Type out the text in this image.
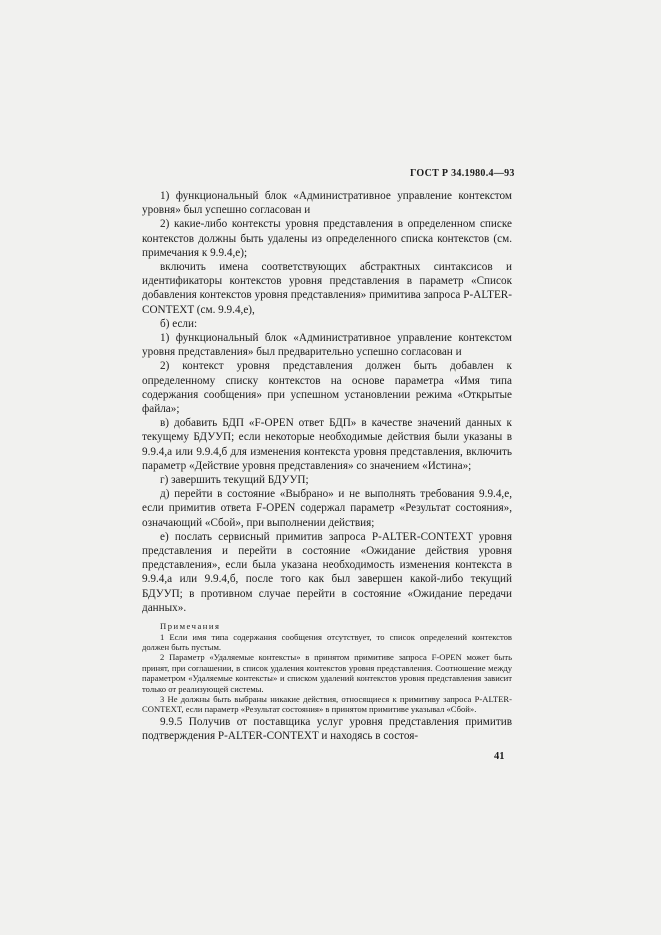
ГОСТ Р 34.1980.4—93

1) функциональный блок «Административное управление контекстом уровня» был успешно согласован и

2) какие-либо контексты уровня представления в определенном списке контекстов должны быть удалены из определенного списка контекстов (см. примечания к 9.9.4,е);

включить имена соответствующих абстрактных синтаксисов и идентификаторы контекстов уровня представления в параметр «Список добавления контекстов уровня представления» примитива запроса P-ALTER-CONTEXT (см. 9.9.4,е),

б) если:

1) функциональный блок «Административное управление контекстом уровня представления» был предварительно успешно согласован и

2) контекст уровня представления должен быть добавлен к определенному списку контекстов на основе параметра «Имя типа содержания сообщения» при успешном установлении режима «Открытые файла»;

в) добавить БДП «F-OPEN ответ БДП» в качестве значений данных к текущему БДУУП; если некоторые необходимые действия были указаны в 9.9.4,а или 9.9.4,б для изменения контекста уровня представления, включить параметр «Действие уровня представления» со значением «Истина»;

г) завершить текущий БДУУП;

д) перейти в состояние «Выбрано» и не выполнять требования 9.9.4,е, если примитив ответа F-OPEN содержал параметр «Результат состояния», означающий «Сбой», при выполнении действия;

е) послать сервисный примитив запроса P-ALTER-CONTEXT уровня представления и перейти в состояние «Ожидание действия уровня представления», если была указана необходимость изменения контекста в 9.9.4,а или 9.9.4,б, после того как был завершен какой-либо текущий БДУУП; в противном случае перейти в состояние «Ожидание передачи данных».

Примечания

1 Если имя типа содержания сообщения отсутствует, то список определений контекстов должен быть пустым.

2 Параметр «Удаляемые контексты» в принятом примитиве запроса F-OPEN может быть принят, при соглашении, в список удаления контекстов уровня представления. Соотношение между параметром «Удаляемые контексты» и списком удалений контекстов уровня представления зависит только от реализующей системы.

3 Не должны быть выбраны никакие действия, относящиеся к примитиву запроса P-ALTER-CONTEXT, если параметр «Результат состояния» в принятом примитиве указывал «Сбой».

9.9.5 Получив от поставщика услуг уровня представления примитив подтверждения P-ALTER-CONTEXT и находясь в состоя-

41
